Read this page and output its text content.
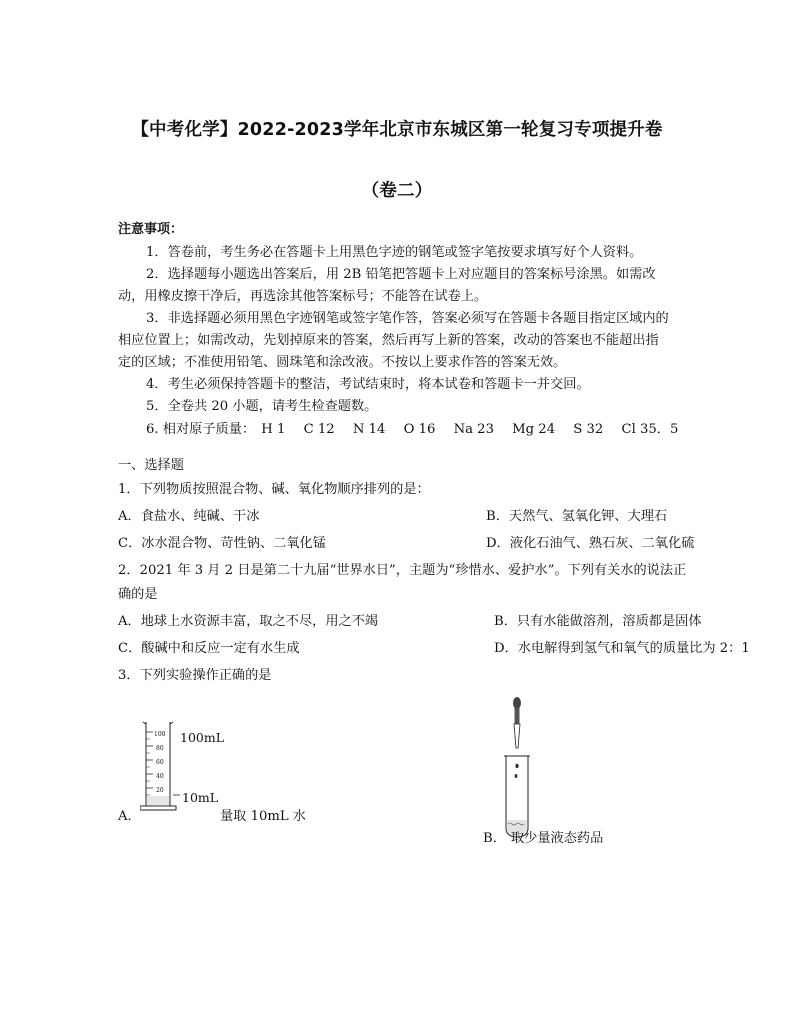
【中考化学】2022-2023学年北京市东城区第一轮复习专项提升卷
（卷二）
注意事项：
1．答卷前，考生务必在答题卡上用黑色字迹的钢笔或签字笔按要求填写好个人资料。
2．选择题每小题选出答案后，用 2B 铅笔把答题卡上对应题目的答案标号涂黑。如需改
动，用橡皮擦干净后，再选涂其他答案标号；不能答在试卷上。
3．非选择题必须用黑色字迹钢笔或签字笔作答，答案必须写在答题卡各题目指定区域内的
相应位置上；如需改动，先划掉原来的答案，然后再写上新的答案，改动的答案也不能超出指
定的区域；不准使用铅笔、圆珠笔和涂改液。不按以上要求作答的答案无效。
4．考生必须保持答题卡的整洁，考试结束时，将本试卷和答题卡一并交回。
5．全卷共 20 小题，请考生检查题数。
6. 相对原子质量： H 1 C 12 N 14 O 16 Na 23 Mg 24 S 32 Cl 35．5
一、选择题
1．下列物质按照混合物、碱、氧化物顺序排列的是：
A．食盐水、纯碱、干冰	B．天然气、氢氧化钾、大理石
C．冰水混合物、苛性钠、二氧化锰	D．液化石油气、熟石灰、二氧化硫
2．2021 年 3 月 2 日是第二十九届“世界水日”，主题为“珍惜水、爱护水”。下列有关水的说法正
确的是
A．地球上水资源丰富，取之不尽，用之不竭	B．只有水能做溶剂，溶质都是固体
C．酸碱中和反应一定有水生成	D．水电解得到氢气和氧气的质量比为 2：1
3．下列实验操作正确的是
A．
100
80
60
40
20
100mL
10mL
量取 10mL 水
B． 取少量液态药品
